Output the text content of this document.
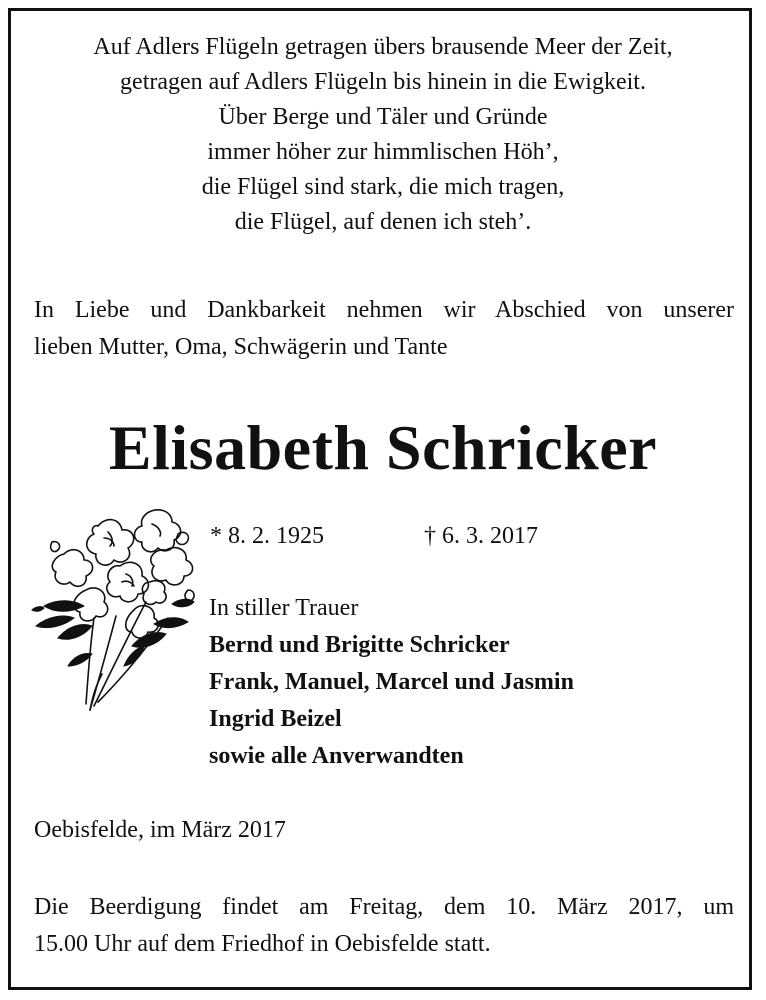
Auf Adlers Flügeln getragen übers brausende Meer der Zeit,
getragen auf Adlers Flügeln bis hinein in die Ewigkeit.
Über Berge und Täler und Gründe
immer höher zur himmlischen Höh’,
die Flügel sind stark, die mich tragen,
die Flügel, auf denen ich steh’.
In Liebe und Dankbarkeit nehmen wir Abschied von unserer
lieben Mutter, Oma, Schwägerin und Tante
Elisabeth Schricker
* 8. 2. 1925	† 6. 3. 2017
In stiller Trauer
Bernd und Brigitte Schricker
Frank, Manuel, Marcel und Jasmin
Ingrid Beizel
sowie alle Anverwandten
Oebisfelde, im März 2017
Die Beerdigung findet am Freitag, dem 10. März 2017, um
15.00 Uhr auf dem Friedhof in Oebisfelde statt.
